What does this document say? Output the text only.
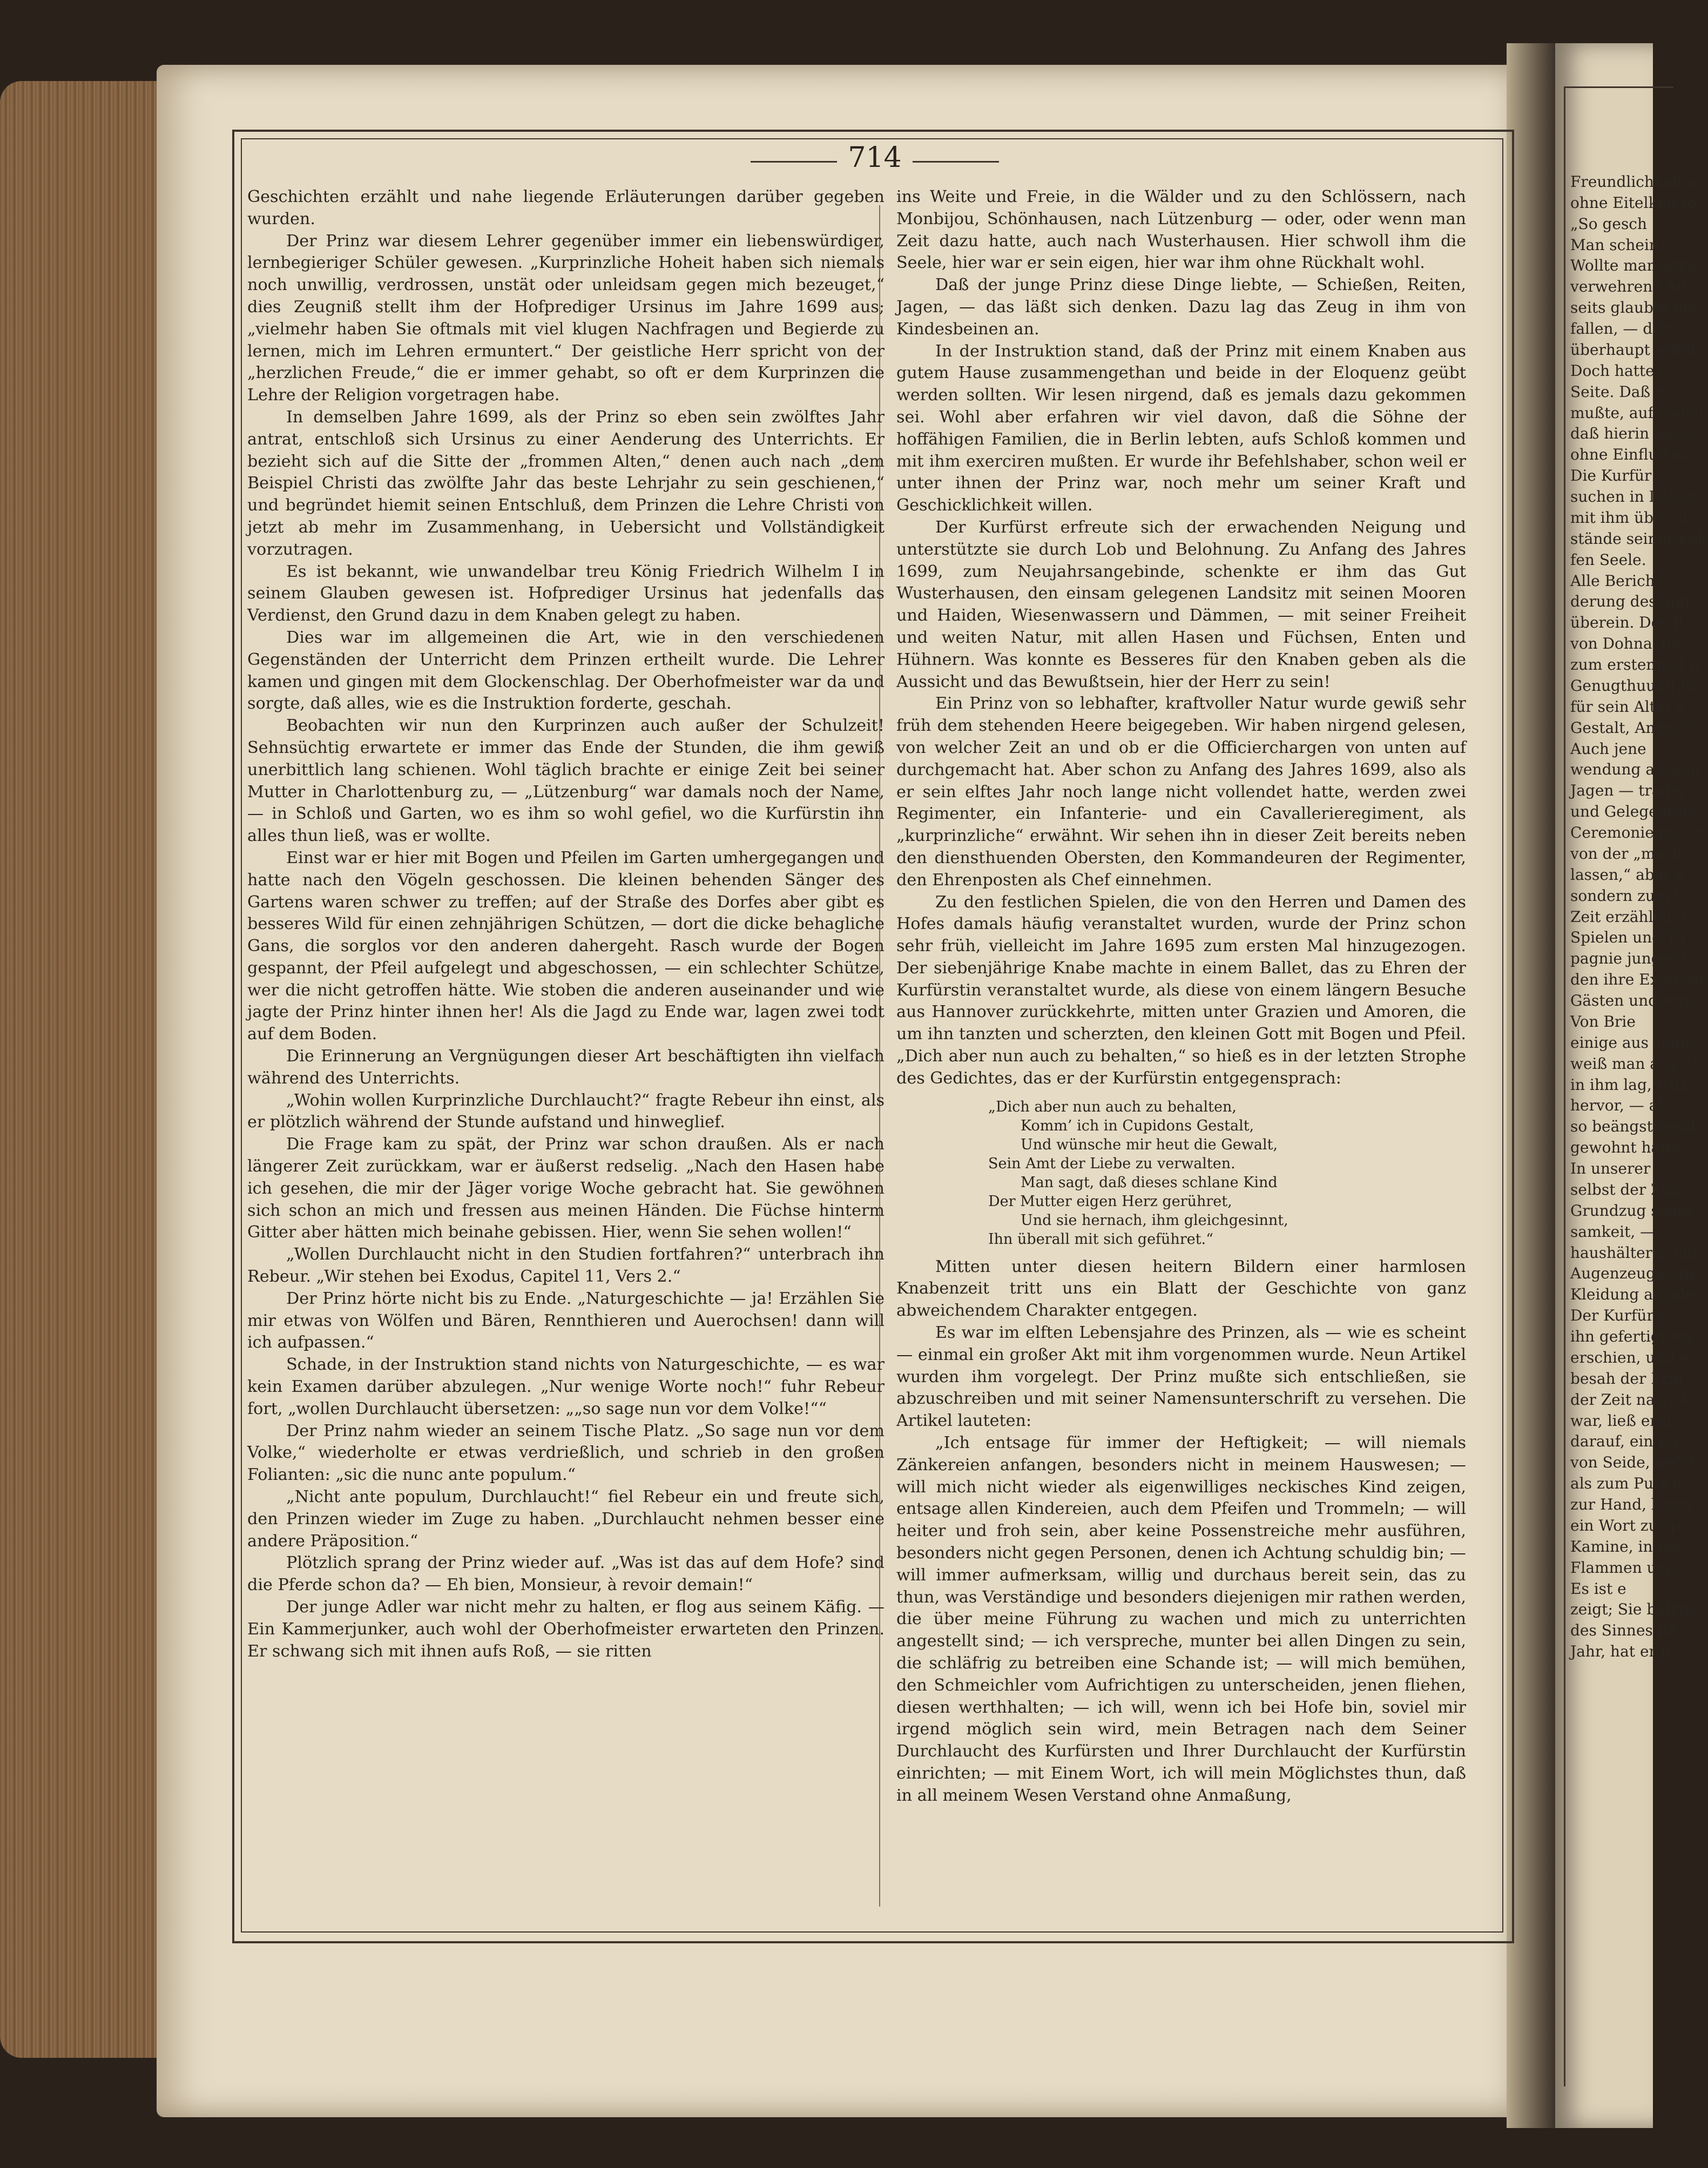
Freundlichkeit o
ohne Eitelkeit fo
„So gesch
Man schein
Wollte man wirk
verwehren? Au
seits glaubte ma
fallen, — den
überhaupt erfülle
Doch hatte
Seite. Daß n
mußte, auf welch
daß hierin alles
ohne Einfluß au
Die Kurfür
suchen in Lützen
mit ihm über al
stände seiner Lek
fen Seele.
Alle Berich
derung des ang
überein. Der P
von Dohna, de
zum erstenmal w
Genugthuung fü
für sein Alter v
Gestalt, Anmuth
Auch jene
wendung all sein
Jagen — trager
und Gelegentlich
Ceremonienmeist
von der „marti
lassen,“ aber k
sondern zum Lob
Zeit erzählen, l
Spielen und Tä
pagnie junger L
den ihre Exercitie
Gästen und erre
Von Brie
einige aus späte
weiß man aus d
in ihm lag, tritt
hervor, — als
so beängstigend
gewohnt hatte,
In unserer
selbst der Zug,
Grundzug seine
samkeit, —
haushälterischen
Augenzeugen in
Kleidung anzule
Der Kurfür
ihn gefertigt wa
erschien, und e
besah der Prin
der Zeit nach A
war, ließ er ih
darauf, ein Ka
von Seide, welch
als zum Putz u
zur Hand, befra
ein Wort zu sp
Kamine, in we
Flammen um d
Es ist e
zeigt; Sie betrif
des Sinnes lie
Jahr, hat er e
714

Geschichten erzählt und nahe liegende Erläuterungen darüber gegeben wurden.

Der Prinz war diesem Lehrer gegenüber immer ein liebenswürdiger, lernbegieriger Schüler gewesen. „Kurprinzliche Hoheit haben sich niemals noch unwillig, verdrossen, unstät oder unleidsam gegen mich bezeuget,“ dies Zeugniß stellt ihm der Hofprediger Ursinus im Jahre 1699 aus; „vielmehr haben Sie oftmals mit viel klugen Nachfragen und Begierde zu lernen, mich im Lehren ermuntert.“ Der geistliche Herr spricht von der „herzlichen Freude,“ die er immer gehabt, so oft er dem Kurprinzen die Lehre der Religion vorgetragen habe.

In demselben Jahre 1699, als der Prinz so eben sein zwölftes Jahr antrat, entschloß sich Ursinus zu einer Aenderung des Unterrichts. Er bezieht sich auf die Sitte der „frommen Alten,“ denen auch nach „dem Beispiel Christi das zwölfte Jahr das beste Lehrjahr zu sein geschienen,“ und begründet hiemit seinen Entschluß, dem Prinzen die Lehre Christi von jetzt ab mehr im Zusammenhang, in Uebersicht und Vollständigkeit vorzutragen.

Es ist bekannt, wie unwandelbar treu König Friedrich Wilhelm I in seinem Glauben gewesen ist. Hofprediger Ursinus hat jedenfalls das Verdienst, den Grund dazu in dem Knaben gelegt zu haben.

Dies war im allgemeinen die Art, wie in den verschiedenen Gegenständen der Unterricht dem Prinzen ertheilt wurde. Die Lehrer kamen und gingen mit dem Glockenschlag. Der Oberhofmeister war da und sorgte, daß alles, wie es die Instruktion forderte, geschah.

Beobachten wir nun den Kurprinzen auch außer der Schulzeit! Sehnsüchtig erwartete er immer das Ende der Stunden, die ihm gewiß unerbittlich lang schienen. Wohl täglich brachte er einige Zeit bei seiner Mutter in Charlottenburg zu, — „Lützenburg“ war damals noch der Name, — in Schloß und Garten, wo es ihm so wohl gefiel, wo die Kurfürstin ihn alles thun ließ, was er wollte.

Einst war er hier mit Bogen und Pfeilen im Garten umhergegangen und hatte nach den Vögeln geschossen. Die kleinen behenden Sänger des Gartens waren schwer zu treffen; auf der Straße des Dorfes aber gibt es besseres Wild für einen zehnjährigen Schützen, — dort die dicke behagliche Gans, die sorglos vor den anderen dahergeht. Rasch wurde der Bogen gespannt, der Pfeil aufgelegt und abgeschossen, — ein schlechter Schütze, wer die nicht getroffen hätte. Wie stoben die anderen auseinander und wie jagte der Prinz hinter ihnen her! Als die Jagd zu Ende war, lagen zwei todt auf dem Boden.

Die Erinnerung an Vergnügungen dieser Art beschäftigten ihn vielfach während des Unterrichts.

„Wohin wollen Kurprinzliche Durchlaucht?“ fragte Rebeur ihn einst, als er plötzlich während der Stunde aufstand und hinweglief.

Die Frage kam zu spät, der Prinz war schon draußen. Als er nach längerer Zeit zurückkam, war er äußerst redselig. „Nach den Hasen habe ich gesehen, die mir der Jäger vorige Woche gebracht hat. Sie gewöhnen sich schon an mich und fressen aus meinen Händen. Die Füchse hinterm Gitter aber hätten mich beinahe gebissen. Hier, wenn Sie sehen wollen!“

„Wollen Durchlaucht nicht in den Studien fortfahren?“ unterbrach ihn Rebeur. „Wir stehen bei Exodus, Capitel 11, Vers 2.“

Der Prinz hörte nicht bis zu Ende. „Naturgeschichte — ja! Erzählen Sie mir etwas von Wölfen und Bären, Rennthieren und Auerochsen! dann will ich aufpassen.“

Schade, in der Instruktion stand nichts von Naturgeschichte, — es war kein Examen darüber abzulegen. „Nur wenige Worte noch!“ fuhr Rebeur fort, „wollen Durchlaucht übersetzen: „„so sage nun vor dem Volke!““

Der Prinz nahm wieder an seinem Tische Platz. „So sage nun vor dem Volke,“ wiederholte er etwas verdrießlich, und schrieb in den großen Folianten: „sic die nunc ante populum.“

„Nicht ante populum, Durchlaucht!“ fiel Rebeur ein und freute sich, den Prinzen wieder im Zuge zu haben. „Durchlaucht nehmen besser eine andere Präposition.“

Plötzlich sprang der Prinz wieder auf. „Was ist das auf dem Hofe? sind die Pferde schon da? — Eh bien, Monsieur, à revoir demain!“

Der junge Adler war nicht mehr zu halten, er flog aus seinem Käfig. — Ein Kammerjunker, auch wohl der Oberhofmeister erwarteten den Prinzen. Er schwang sich mit ihnen aufs Roß, — sie ritten

ins Weite und Freie, in die Wälder und zu den Schlössern, nach Monbijou, Schönhausen, nach Lützenburg — oder, oder wenn man Zeit dazu hatte, auch nach Wusterhausen. Hier schwoll ihm die Seele, hier war er sein eigen, hier war ihm ohne Rückhalt wohl.

Daß der junge Prinz diese Dinge liebte, — Schießen, Reiten, Jagen, — das läßt sich denken. Dazu lag das Zeug in ihm von Kindesbeinen an.

In der Instruktion stand, daß der Prinz mit einem Knaben aus gutem Hause zusammengethan und beide in der Eloquenz geübt werden sollten. Wir lesen nirgend, daß es jemals dazu gekommen sei. Wohl aber erfahren wir viel davon, daß die Söhne der hoffähigen Familien, die in Berlin lebten, aufs Schloß kommen und mit ihm exerciren mußten. Er wurde ihr Befehlshaber, schon weil er unter ihnen der Prinz war, noch mehr um seiner Kraft und Geschicklichkeit willen.

Der Kurfürst erfreute sich der erwachenden Neigung und unterstützte sie durch Lob und Belohnung. Zu Anfang des Jahres 1699, zum Neujahrsangebinde, schenkte er ihm das Gut Wusterhausen, den einsam gelegenen Landsitz mit seinen Mooren und Haiden, Wiesenwassern und Dämmen, — mit seiner Freiheit und weiten Natur, mit allen Hasen und Füchsen, Enten und Hühnern. Was konnte es Besseres für den Knaben geben als die Aussicht und das Bewußtsein, hier der Herr zu sein!

Ein Prinz von so lebhafter, kraftvoller Natur wurde gewiß sehr früh dem stehenden Heere beigegeben. Wir haben nirgend gelesen, von welcher Zeit an und ob er die Officierchargen von unten auf durchgemacht hat. Aber schon zu Anfang des Jahres 1699, also als er sein elftes Jahr noch lange nicht vollendet hatte, werden zwei Regimenter, ein Infanterie- und ein Cavallerieregiment, als „kurprinzliche“ erwähnt. Wir sehen ihn in dieser Zeit bereits neben den diensthuenden Obersten, den Kommandeuren der Regimenter, den Ehrenposten als Chef einnehmen.

Zu den festlichen Spielen, die von den Herren und Damen des Hofes damals häufig veranstaltet wurden, wurde der Prinz schon sehr früh, vielleicht im Jahre 1695 zum ersten Mal hinzugezogen. Der siebenjährige Knabe machte in einem Ballet, das zu Ehren der Kurfürstin veranstaltet wurde, als diese von einem längern Besuche aus Hannover zurückkehrte, mitten unter Grazien und Amoren, die um ihn tanzten und scherzten, den kleinen Gott mit Bogen und Pfeil. „Dich aber nun auch zu behalten,“ so hieß es in der letzten Strophe des Gedichtes, das er der Kurfürstin entgegensprach:

„Dich aber nun auch zu behalten,
Komm’ ich in Cupidons Gestalt,
Und wünsche mir heut die Gewalt,
Sein Amt der Liebe zu verwalten.
Man sagt, daß dieses schlane Kind
Der Mutter eigen Herz gerühret,
Und sie hernach, ihm gleichgesinnt,
Ihn überall mit sich geführet.“

Mitten unter diesen heitern Bildern einer harmlosen Knabenzeit tritt uns ein Blatt der Geschichte von ganz abweichendem Charakter entgegen.

Es war im elften Lebensjahre des Prinzen, als — wie es scheint — einmal ein großer Akt mit ihm vorgenommen wurde. Neun Artikel wurden ihm vorgelegt. Der Prinz mußte sich entschließen, sie abzuschreiben und mit seiner Namensunterschrift zu versehen. Die Artikel lauteten:

„Ich entsage für immer der Heftigkeit; — will niemals Zänkereien anfangen, besonders nicht in meinem Hauswesen; — will mich nicht wieder als eigenwilliges neckisches Kind zeigen, entsage allen Kindereien, auch dem Pfeifen und Trommeln; — will heiter und froh sein, aber keine Possenstreiche mehr ausführen, besonders nicht gegen Personen, denen ich Achtung schuldig bin; — will immer aufmerksam, willig und durchaus bereit sein, das zu thun, was Verständige und besonders diejenigen mir rathen werden, die über meine Führung zu wachen und mich zu unterrichten angestellt sind; — ich verspreche, munter bei allen Dingen zu sein, die schläfrig zu betreiben eine Schande ist; — will mich bemühen, den Schmeichler vom Aufrichtigen zu unterscheiden, jenen fliehen, diesen werthhalten; — ich will, wenn ich bei Hofe bin, soviel mir irgend möglich sein wird, mein Betragen nach dem Seiner Durchlaucht des Kurfürsten und Ihrer Durchlaucht der Kurfürstin einrichten; — mit Einem Wort, ich will mein Möglichstes thun, daß in all meinem Wesen Verstand ohne Anmaßung,
